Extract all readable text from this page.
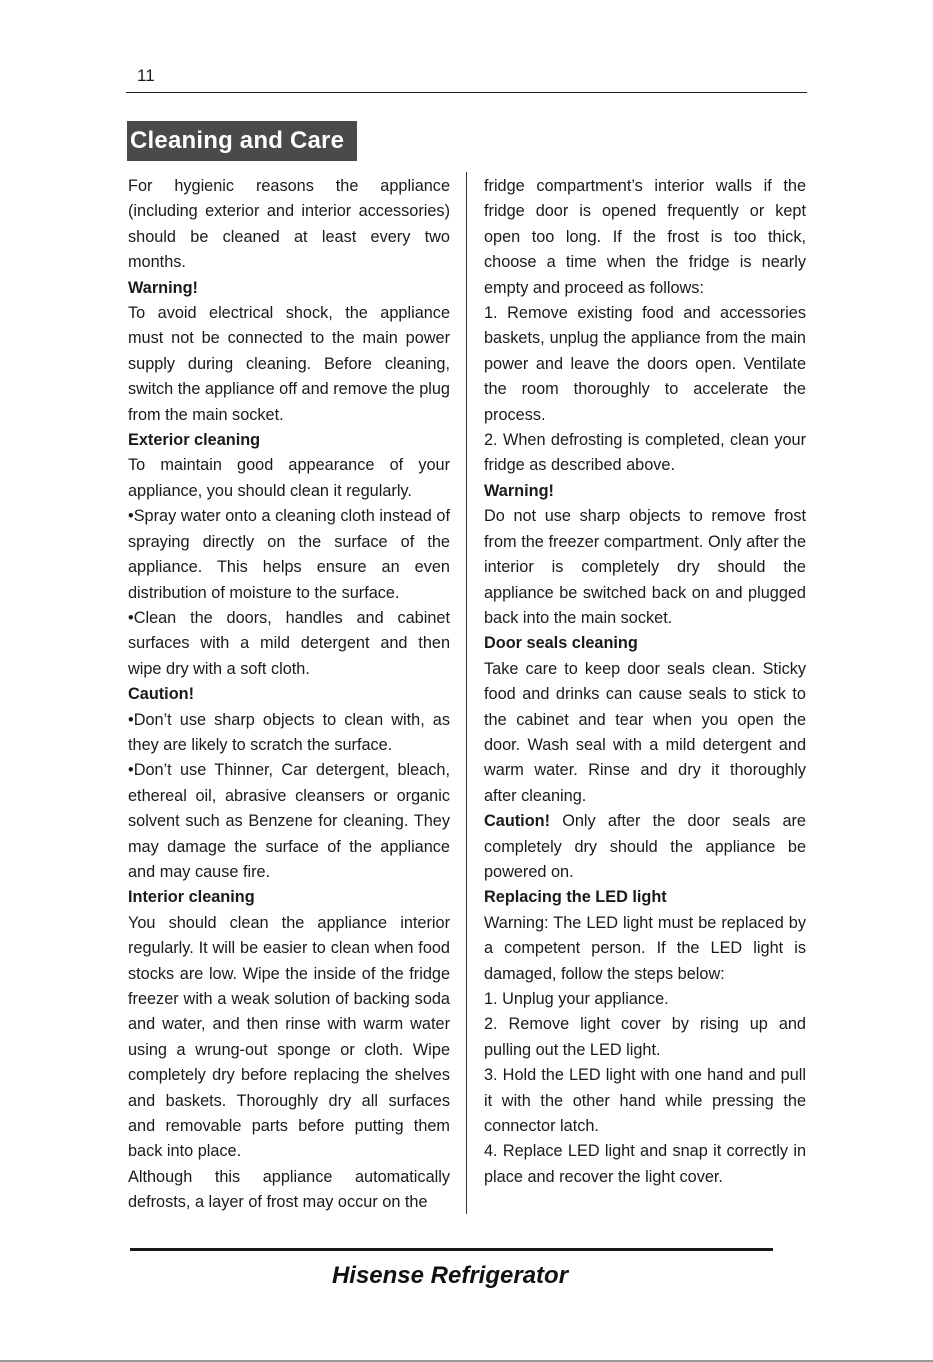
11
Cleaning and Care

For hygienic reasons the appliance (including exterior and interior accessories) should be cleaned at least every two months.

Warning!

To avoid electrical shock, the appliance must not be connected to the main power supply during cleaning. Before cleaning, switch the appliance off and remove the plug from the main socket.

Exterior cleaning

To maintain good appearance of your appliance, you should clean it regularly.

•Spray water onto a cleaning cloth instead of spraying directly on the surface of the appliance. This helps ensure an even distribution of moisture to the surface.

•Clean the doors, handles and cabinet surfaces with a mild detergent and then wipe dry with a soft cloth.

Caution!

•Don’t use sharp objects to clean with, as they are likely to scratch the surface.

•Don’t use Thinner, Car detergent, bleach, ethereal oil, abrasive cleansers or organic solvent such as Benzene for cleaning. They may damage the surface of the appliance and may cause fire.

Interior cleaning

You should clean the appliance interior regularly. It will be easier to clean when food stocks are low. Wipe the inside of the fridge freezer with a weak solution of backing soda and water, and then rinse with warm water using a wrung-out sponge or cloth. Wipe completely dry before replacing the shelves and baskets. Thoroughly dry all surfaces and removable parts before putting them back into place.

Although this appliance automatically defrosts, a layer of frost may occur on the

fridge compartment’s interior walls if the fridge door is opened frequently or kept open too long. If the frost is too thick, choose a time when the fridge is nearly empty and proceed as follows:

1. Remove existing food and accessories baskets, unplug the appliance from the main power and leave the doors open. Ventilate the room thoroughly to accelerate the process.

2. When defrosting is completed, clean your fridge as described above.

Warning!

Do not use sharp objects to remove frost from the freezer compartment. Only after the interior is completely dry should the appliance be switched back on and plugged back into the main socket.

Door seals cleaning

Take care to keep door seals clean. Sticky food and drinks can cause seals to stick to the cabinet and tear when you open the door. Wash seal with a mild detergent and warm water. Rinse and dry it thoroughly after cleaning.

Caution! Only after the door seals are completely dry should the appliance be powered on.

Replacing the LED light

Warning: The LED light must be replaced by a competent person. If the LED light is damaged, follow the steps below:

1. Unplug your appliance.

2. Remove light cover by rising up and pulling out the LED light.

3. Hold the LED light with one hand and pull it with the other hand while pressing the connector latch.

4. Replace LED light and snap it correctly in place and recover the light cover.

Hisense Refrigerator
